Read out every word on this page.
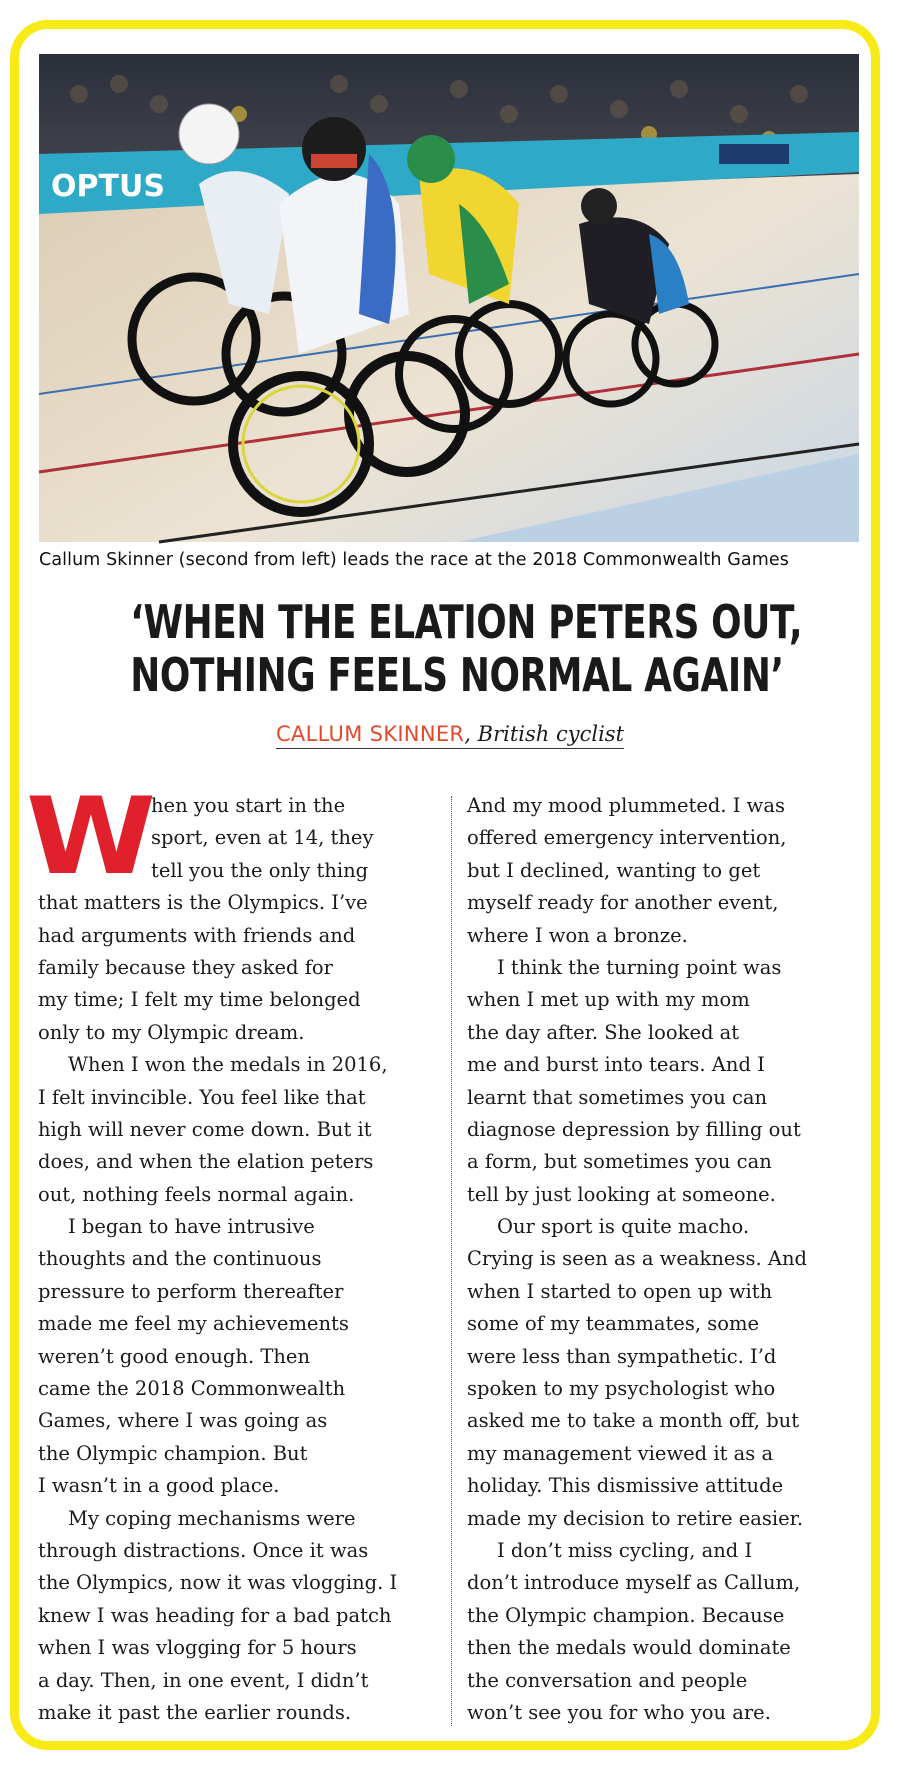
OPTUS
Callum Skinner (second from left) leads the race at the 2018 Commonwealth Games
‘WHEN THE ELATION PETERS OUT,
NOTHING FEELS NORMAL AGAIN’
CALLUM SKINNER, British cyclist
W
hen you start in the
sport, even at 14, they
tell you the only thing
that matters is the Olympics. I’ve
had arguments with friends and
family because they asked for
my time; I felt my time belonged
only to my Olympic dream.
When I won the medals in 2016,
I felt invincible. You feel like that
high will never come down. But it
does, and when the elation peters
out, nothing feels normal again.
I began to have intrusive
thoughts and the continuous
pressure to perform thereafter
made me feel my achievements
weren’t good enough. Then
came the 2018 Commonwealth
Games, where I was going as
the Olympic champion. But
I wasn’t in a good place.
My coping mechanisms were
through distractions. Once it was
the Olympics, now it was vlogging. I
knew I was heading for a bad patch
when I was vlogging for 5 hours
a day. Then, in one event, I didn’t
make it past the earlier rounds.
And my mood plummeted. I was
offered emergency intervention,
but I declined, wanting to get
myself ready for another event,
where I won a bronze.
I think the turning point was
when I met up with my mom
the day after. She looked at
me and burst into tears. And I
learnt that sometimes you can
diagnose depression by filling out
a form, but sometimes you can
tell by just looking at someone.
Our sport is quite macho.
Crying is seen as a weakness. And
when I started to open up with
some of my teammates, some
were less than sympathetic. I’d
spoken to my psychologist who
asked me to take a month off, but
my management viewed it as a
holiday. This dismissive attitude
made my decision to retire easier.
I don’t miss cycling, and I
don’t introduce myself as Callum,
the Olympic champion. Because
then the medals would dominate
the conversation and people
won’t see you for who you are.
